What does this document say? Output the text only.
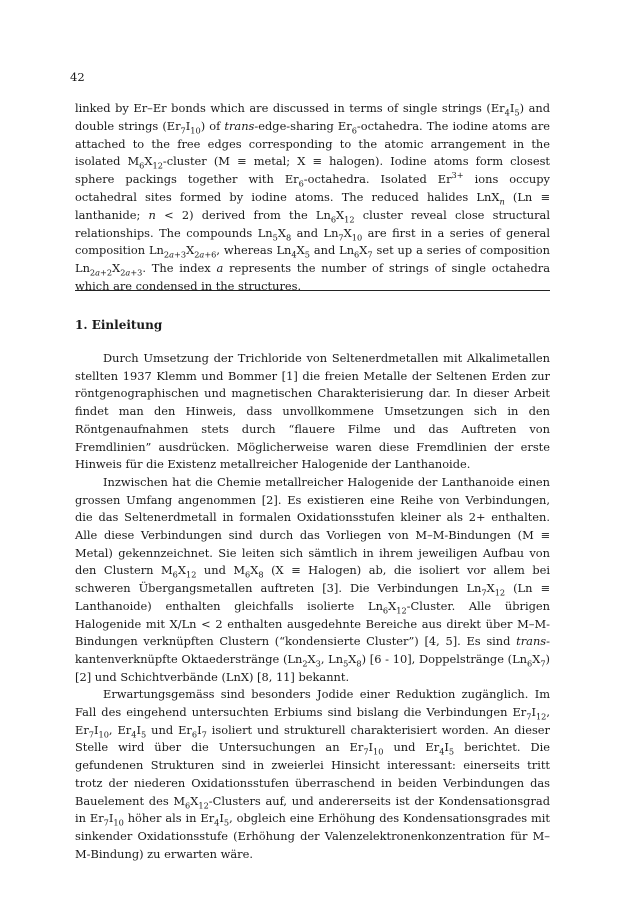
42

linked by Er–Er bonds which are discussed in terms of single strings $(Er_4I_5)$ and double strings $(Er_7I_{10})$ of trans-edge-sharing $Er_6$-octahedra. The iodine atoms are attached to the free edges corresponding to the atomic arrangement in the isolated $M_6X_{12}$-cluster (M ≡ metal; X ≡ halogen). Iodine atoms form closest sphere packings together with $Er_6$-octahedra. Isolated $Er^{3+}$ ions occupy octahedral sites formed by iodine atoms. The reduced halides LnX$_n$ (Ln ≡ lanthanide; n < 2) derived from the $Ln_6X_{12}$ cluster reveal close structural relationships. The compounds $Ln_5X_8$ and $Ln_7X_{10}$ are first in a series of general composition $Ln_{2a+3}X_{2a+6}$, whereas $Ln_4X_5$ and $Ln_6X_7$ set up a series of composition $Ln_{2a+2}X_{2a+3}$. The index a represents the number of strings of single octahedra which are condensed in the structures.

1. Einleitung

Durch Umsetzung der Trichloride von Seltenerdmetallen mit Alkalimetallen stellten 1937 Klemm und Bommer [1] die freien Metalle der Seltenen Erden zur röntgenographischen und magnetischen Charakterisierung dar. In dieser Arbeit findet man den Hinweis, dass unvollkommene Umsetzungen sich in den Röntgenaufnahmen stets durch “flauere Filme und das Auftreten von Fremdlinien” ausdrücken. Möglicherweise waren diese Fremdlinien der erste Hinweis für die Existenz metallreicher Halogenide der Lanthanoide.

Inzwischen hat die Chemie metallreicher Halogenide der Lanthanoide einen grossen Umfang angenommen [2]. Es existieren eine Reihe von Verbindungen, die das Seltenerdmetall in formalen Oxidationsstufen kleiner als 2+ enthalten. Alle diese Verbindungen sind durch das Vorliegen von M–M-Bindungen (M ≡ Metal) gekennzeichnet. Sie leiten sich sämtlich in ihrem jeweiligen Aufbau von den Clustern $M_6X_{12}$ und $M_6X_8$ (X ≡ Halogen) ab, die isoliert vor allem bei schweren Übergangsmetallen auftreten [3]. Die Verbindungen $Ln_7X_{12}$ (Ln ≡ Lanthanoide) enthalten gleichfalls isolierte $Ln_6X_{12}$-Cluster. Alle übrigen Halogenide mit X/Ln < 2 enthalten ausgedehnte Bereiche aus direkt über M–M-Bindungen verknüpften Clustern (“kondensierte Cluster”) [4, 5]. Es sind trans-kantenverknüpfte Oktaederstränge ($Ln_2X_3$, $Ln_5X_8$) [6 - 10], Doppelstränge $(Ln_6X_7)$ [2] und Schichtverbände (LnX) [8, 11] bekannt.

Erwartungsgemäss sind besonders Jodide einer Reduktion zugänglich. Im Fall des eingehend untersuchten Erbiums sind bislang die Verbindungen $Er_7I_{12}$, $Er_7I_{10}$, $Er_4I_5$ und $Er_6I_7$ isoliert und strukturell charakterisiert worden. An dieser Stelle wird über die Untersuchungen an $Er_7I_{10}$ und $Er_4I_5$ berichtet. Die gefundenen Strukturen sind in zweierlei Hinsicht interessant: einerseits tritt trotz der niederen Oxidationsstufen überraschend in beiden Verbindungen das Bauelement des $M_6X_{12}$-Clusters auf, und andererseits ist der Kondensationsgrad in $Er_7I_{10}$ höher als in $Er_4I_5$, obgleich eine Erhöhung des Kondensationsgrades mit sinkender Oxidationsstufe (Erhöhung der Valenzelektronenkonzentration für M–M-Bindung) zu erwarten wäre.
